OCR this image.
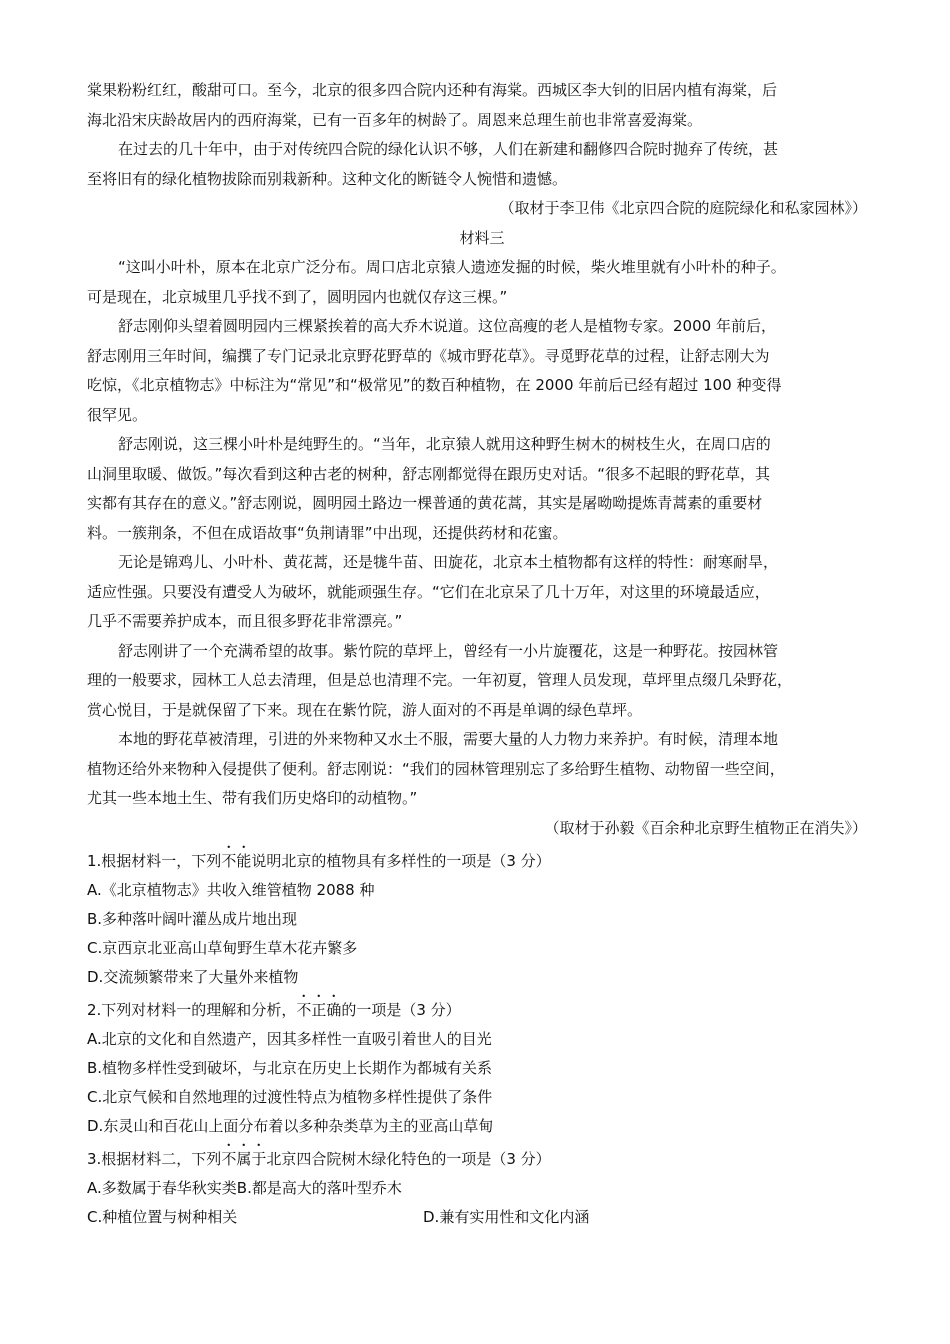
棠果粉粉红红，酸甜可口。至今，北京的很多四合院内还种有海棠。西城区李大钊的旧居内植有海棠，后
海北沿宋庆龄故居内的西府海棠，已有一百多年的树龄了。周恩来总理生前也非常喜爱海棠。
在过去的几十年中，由于对传统四合院的绿化认识不够，人们在新建和翻修四合院时抛弃了传统，甚
至将旧有的绿化植物拔除而别栽新种。这种文化的断链令人惋惜和遗憾。
（取材于李卫伟《北京四合院的庭院绿化和私家园林》）
材料三
“这叫小叶朴，原本在北京广泛分布。周口店北京猿人遗迹发掘的时候，柴火堆里就有小叶朴的种子。
可是现在，北京城里几乎找不到了，圆明园内也就仅存这三棵。”
舒志刚仰头望着圆明园内三棵紧挨着的高大乔木说道。这位高瘦的老人是植物专家。2000 年前后，
舒志刚用三年时间，编撰了专门记录北京野花野草的《城市野花草》。寻觅野花草的过程，让舒志刚大为
吃惊，《北京植物志》中标注为“常见”和“极常见”的数百种植物，在 2000 年前后已经有超过 100 种变得
很罕见。
舒志刚说，这三棵小叶朴是纯野生的。“当年，北京猿人就用这种野生树木的树枝生火，在周口店的
山洞里取暖、做饭。”每次看到这种古老的树种，舒志刚都觉得在跟历史对话。“很多不起眼的野花草，其
实都有其存在的意义。”舒志刚说，圆明园土路边一棵普通的黄花蒿，其实是屠呦呦提炼青蒿素的重要材
料。一簇荆条，不但在成语故事“负荆请罪”中出现，还提供药材和花蜜。
无论是锦鸡儿、小叶朴、黄花蒿，还是牻牛苗、田旋花，北京本土植物都有这样的特性：耐寒耐旱，
适应性强。只要没有遭受人为破坏，就能顽强生存。“它们在北京呆了几十万年，对这里的环境最适应，
几乎不需要养护成本，而且很多野花非常漂亮。”
舒志刚讲了一个充满希望的故事。紫竹院的草坪上，曾经有一小片旋覆花，这是一种野花。按园林管
理的一般要求，园林工人总去清理，但是总也清理不完。一年初夏，管理人员发现，草坪里点缀几朵野花，
赏心悦目，于是就保留了下来。现在在紫竹院，游人面对的不再是单调的绿色草坪。
本地的野花草被清理，引进的外来物种又水土不服，需要大量的人力物力来养护。有时候，清理本地
植物还给外来物种入侵提供了便利。舒志刚说：“我们的园林管理别忘了多给野生植物、动物留一些空间，
尤其一些本地土生、带有我们历史烙印的动植物。”
（取材于孙毅《百余种北京野生植物正在消失》）
1.根据材料一，下列不能说明北京的植物具有多样性的一项是（3 分）
A.《北京植物志》共收入维管植物 2088 种
B.多种落叶阔叶灌丛成片地出现
C.京西京北亚高山草甸野生草木花卉繁多
D.交流频繁带来了大量外来植物
2.下列对材料一的理解和分析，不正确的一项是（3 分）
A.北京的文化和自然遗产，因其多样性一直吸引着世人的目光
B.植物多样性受到破坏，与北京在历史上长期作为都城有关系
C.北京气候和自然地理的过渡性特点为植物多样性提供了条件
D.东灵山和百花山上面分布着以多种杂类草为主的亚高山草甸
3.根据材料二，下列不属于北京四合院树木绿化特色的一项是（3 分）
A.多数属于春华秋实类 B.都是高大的落叶型乔木
C.种植位置与树种相关	D.兼有实用性和文化内涵
